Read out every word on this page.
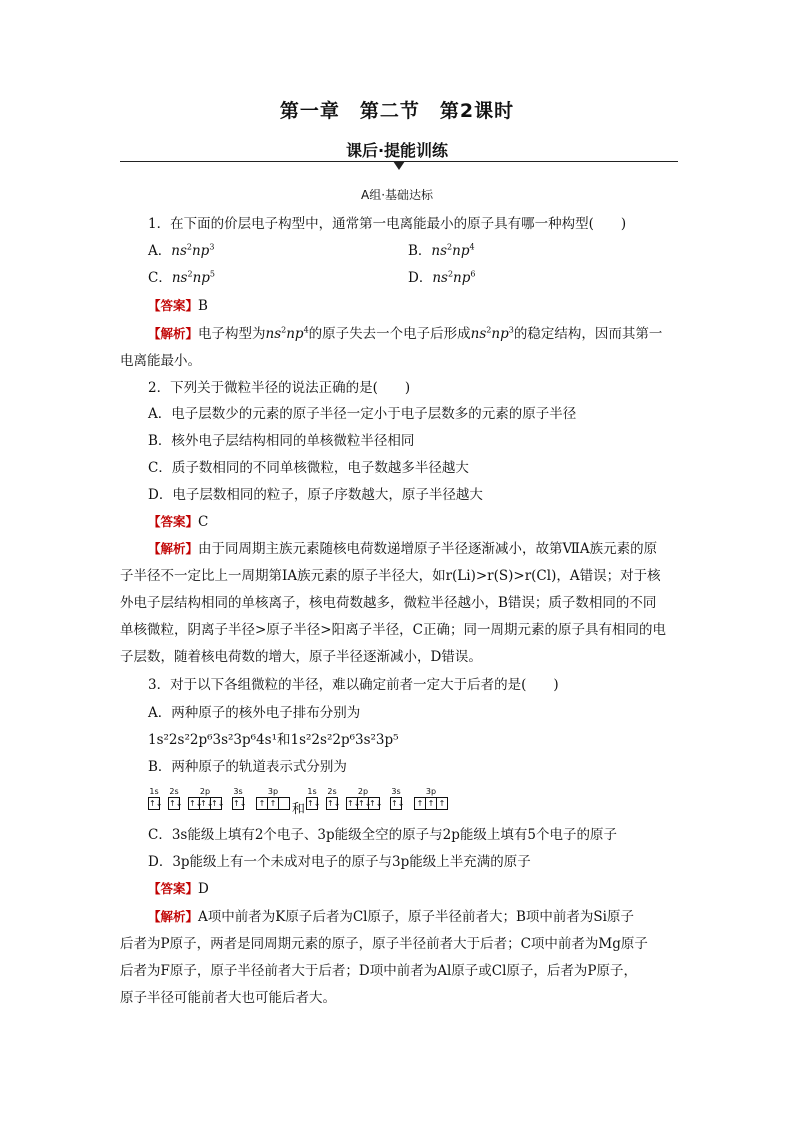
第一章　第二节　第2课时
课后·提能训练
A组·基础达标
1．在下面的价层电子构型中，通常第一电离能最小的原子具有哪一种构型(　　)
A．$ns^2np^3$	B．$ns^2np^4$
C．$ns^2np^5$	D．$ns^2np^6$
【答案】B
【解析】电子构型为$ns^2np^4$的原子失去一个电子后形成$ns^2np^3$的稳定结构，因而其第一
电离能最小。
2．下列关于微粒半径的说法正确的是(　　)
A．电子层数少的元素的原子半径一定小于电子层数多的元素的原子半径
B．核外电子层结构相同的单核微粒半径相同
C．质子数相同的不同单核微粒，电子数越多半径越大
D．电子层数相同的粒子，原子序数越大，原子半径越大
【答案】C
【解析】由于同周期主族元素随核电荷数递增原子半径逐渐减小，故第ⅦA族元素的原
子半径不一定比上一周期第ⅠA族元素的原子半径大，如r(Li)>r(S)>r(Cl)，A错误；对于核
外电子层结构相同的单核离子，核电荷数越多，微粒半径越小，B错误；质子数相同的不同
单核微粒，阴离子半径>原子半径>阳离子半径，C正确；同一周期元素的原子具有相同的电
子层数，随着核电荷数的增大，原子半径逐渐减小，D错误。
3．对于以下各组微粒的半径，难以确定前者一定大于后者的是(　　)
A．两种原子的核外电子排布分别为
1s²2s²2p⁶3s²3p⁶4s¹和1s²2s²2p⁶3s²3p⁵
B．两种原子的轨道表示式分别为
1s
↑↓
2s
↑↓
2p
↑↓
↑↓
↑↓
3s
↑↓
3p
↑ ↑ 和
1s
↑↓
2s
↑↓
2p
↑↓
↑↓
↑↓
3s
↑↓
3p
↑ ↑ ↑
C．3s能级上填有2个电子、3p能级全空的原子与2p能级上填有5个电子的原子
D．3p能级上有一个未成对电子的原子与3p能级上半充满的原子
【答案】D
【解析】A项中前者为K原子后者为Cl原子，原子半径前者大；B项中前者为Si原子
后者为P原子，两者是同周期元素的原子，原子半径前者大于后者；C项中前者为Mg原子
后者为F原子，原子半径前者大于后者；D项中前者为Al原子或Cl原子，后者为P原子，
原子半径可能前者大也可能后者大。
